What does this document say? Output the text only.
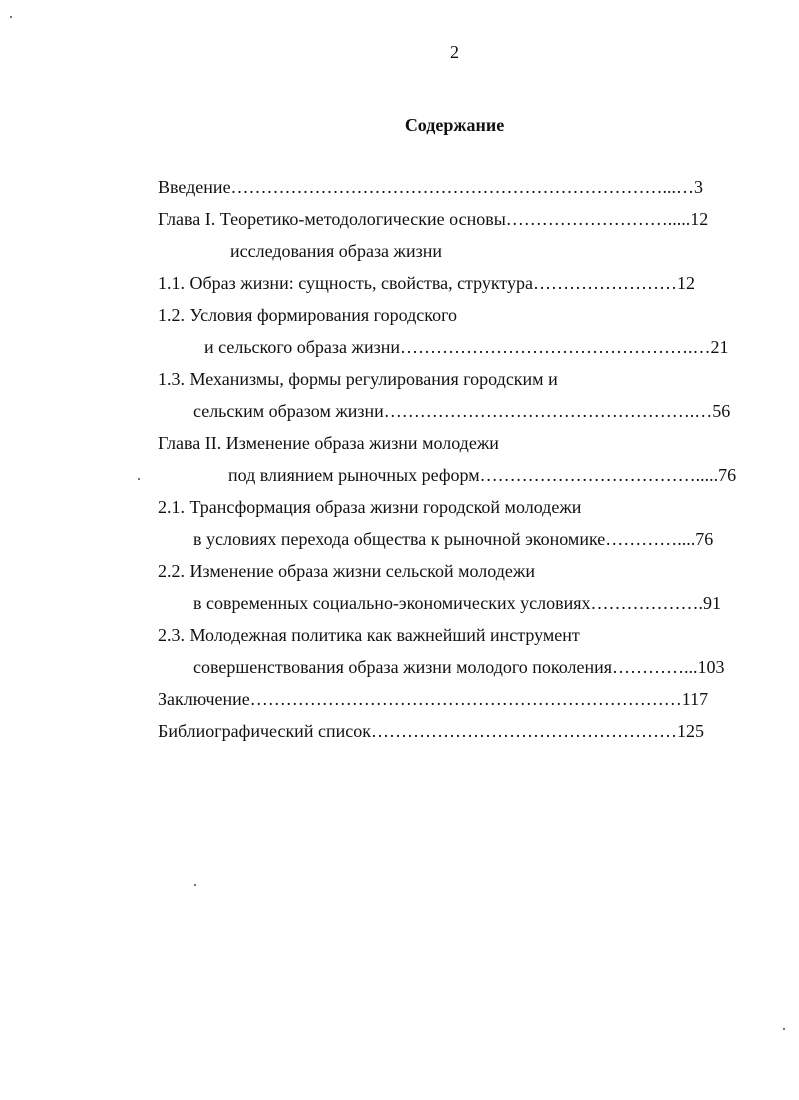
2
Содержание
Введение………………………………………………………………...…3
Глава I. Теоретико-методологические основы……………………….....12
исследования образа жизни
1.1. Образ жизни: сущность, свойства, структура……………………12
1.2. Условия формирования городского
и сельского образа жизни………………………………………….…21
1.3. Механизмы, формы регулирования городским и
сельским образом жизни…………………………………………….…56
Глава II. Изменение образа жизни молодежи
под влиянием рыночных реформ……………………………….....76
2.1. Трансформация образа жизни городской молодежи
в условиях перехода общества к рыночной экономике…………....76
2.2. Изменение образа жизни сельской молодежи
в современных социально-экономических условиях……………….91
2.3. Молодежная политика как важнейший инструмент
совершенствования образа жизни молодого поколения…………...103
Заключение………………………………………………………………117
Библиографический список……………………………………………125
